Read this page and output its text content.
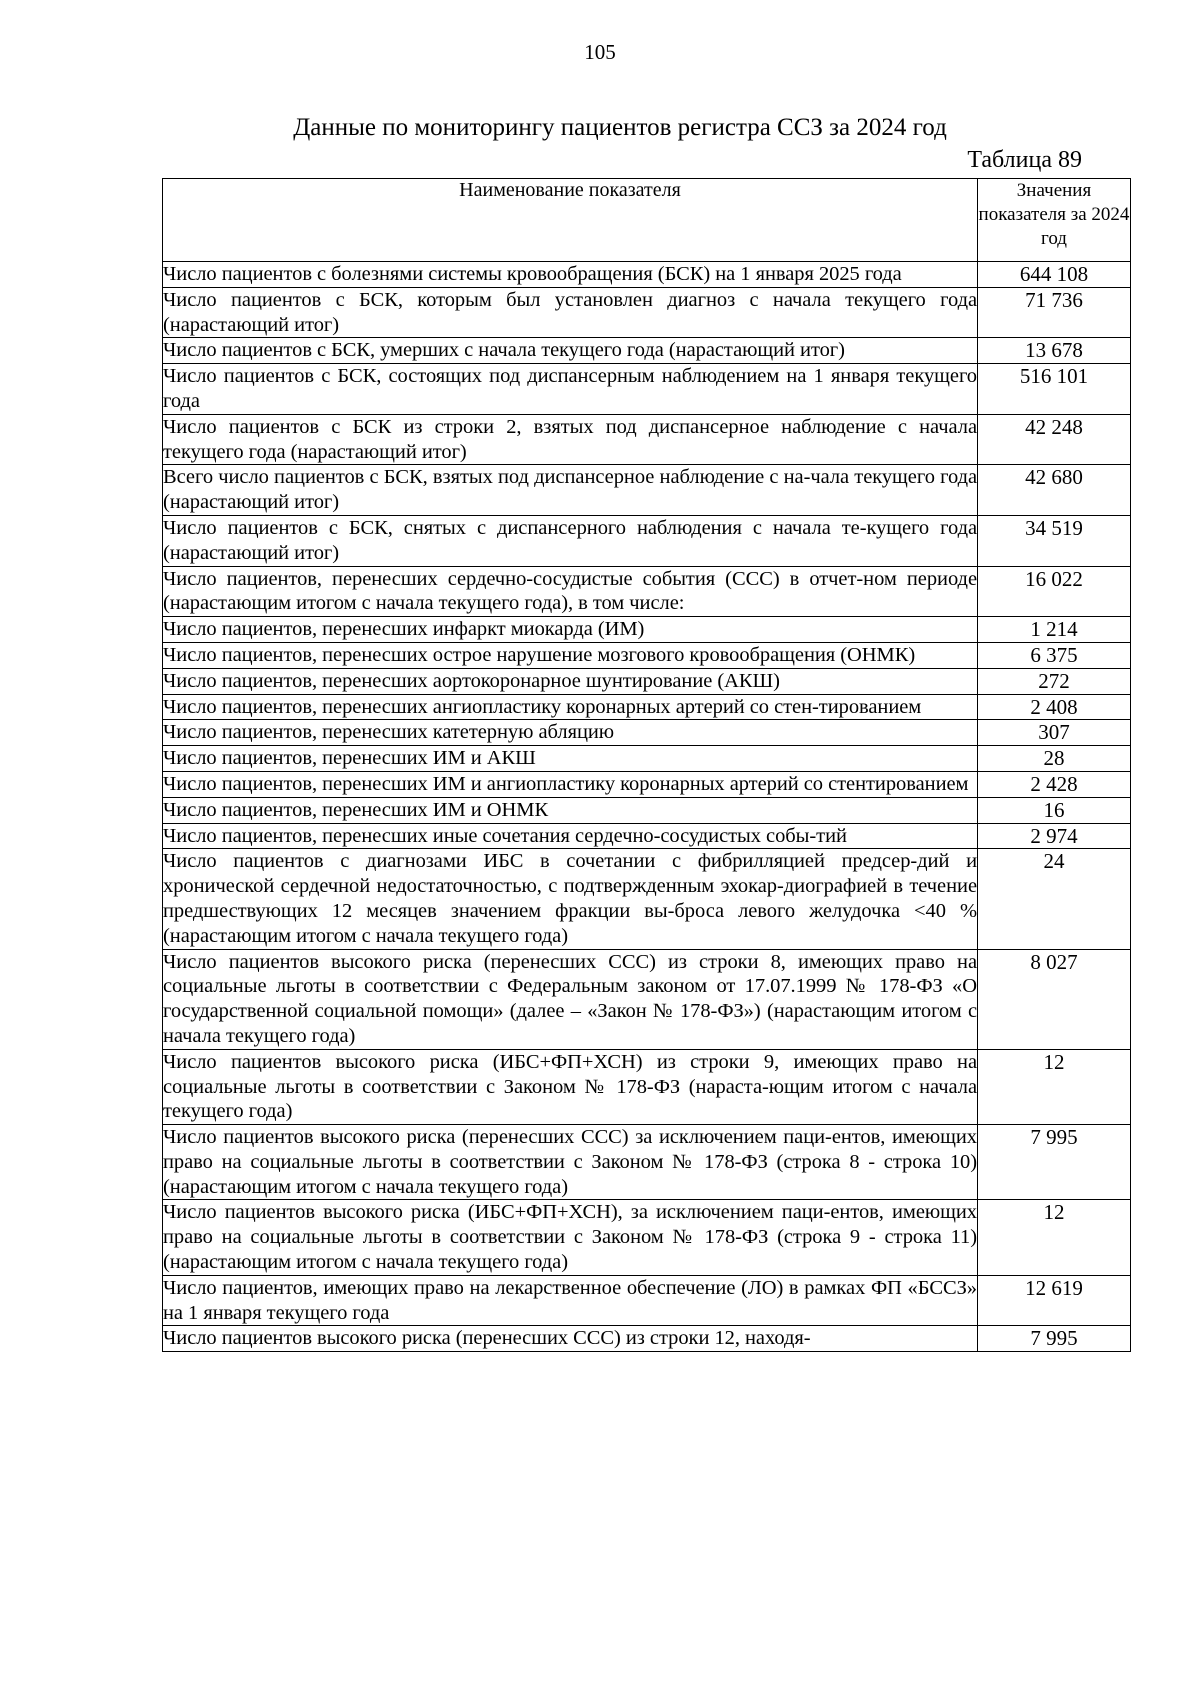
105
Данные по мониторингу пациентов регистра ССЗ за 2024 год
Таблица 89
Наименование показателя	Значения показателя за 2024 год
Число пациентов с болезнями системы кровообращения (БСК) на 1 января 2025 года	644 108
Число пациентов с БСК, которым был установлен диагноз с начала текущего года (нарастающий итог)	71 736
Число пациентов с БСК, умерших с начала текущего года (нарастающий итог)	13 678
Число пациентов с БСК, состоящих под диспансерным наблюдением на 1 января текущего года	516 101
Число пациентов с БСК из строки 2, взятых под диспансерное наблюдение с начала текущего года (нарастающий итог)	42 248
Всего число пациентов с БСК, взятых под диспансерное наблюдение с на-чала текущего года (нарастающий итог)	42 680
Число пациентов с БСК, снятых с диспансерного наблюдения с начала те-кущего года (нарастающий итог)	34 519
Число пациентов, перенесших сердечно-сосудистые события (ССС) в отчет-ном периоде (нарастающим итогом с начала текущего года), в том числе:	16 022
Число пациентов, перенесших инфаркт миокарда (ИМ)	1 214
Число пациентов, перенесших острое нарушение мозгового кровообращения (ОНМК)	6 375
Число пациентов, перенесших аортокоронарное шунтирование (АКШ)	272
Число пациентов, перенесших ангиопластику коронарных артерий со стен-тированием	2 408
Число пациентов, перенесших катетерную абляцию	307
Число пациентов, перенесших ИМ и АКШ	28
Число пациентов, перенесших ИМ и ангиопластику коронарных артерий со стентированием	2 428
Число пациентов, перенесших ИМ и ОНМК	16
Число пациентов, перенесших иные сочетания сердечно-сосудистых собы-тий	2 974
Число пациентов с диагнозами ИБС в сочетании с фибрилляцией предсер-дий и хронической сердечной недостаточностью, с подтвержденным эхокар-диографией в течение предшествующих 12 месяцев значением фракции вы-броса левого желудочка <40 % (нарастающим итогом с начала текущего года)	24
Число пациентов высокого риска (перенесших ССС) из строки 8, имеющих право на социальные льготы в соответствии с Федеральным законом от 17.07.1999 № 178-ФЗ «О государственной социальной помощи» (далее – «Закон № 178-ФЗ») (нарастающим итогом с начала текущего года)	8 027
Число пациентов высокого риска (ИБС+ФП+ХСН) из строки 9, имеющих право на социальные льготы в соответствии с Законом № 178-ФЗ (нараста-ющим итогом с начала текущего года)	12
Число пациентов высокого риска (перенесших ССС) за исключением паци-ентов, имеющих право на социальные льготы в соответствии с Законом № 178-ФЗ (строка 8 - строка 10) (нарастающим итогом с начала текущего года)	7 995
Число пациентов высокого риска (ИБС+ФП+ХСН), за исключением паци-ентов, имеющих право на социальные льготы в соответствии с Законом № 178-ФЗ (строка 9 - строка 11) (нарастающим итогом с начала текущего года)	12
Число пациентов, имеющих право на лекарственное обеспечение (ЛО) в рамках ФП «БССЗ» на 1 января текущего года	12 619
Число пациентов высокого риска (перенесших ССС) из строки 12, находя-	7 995
